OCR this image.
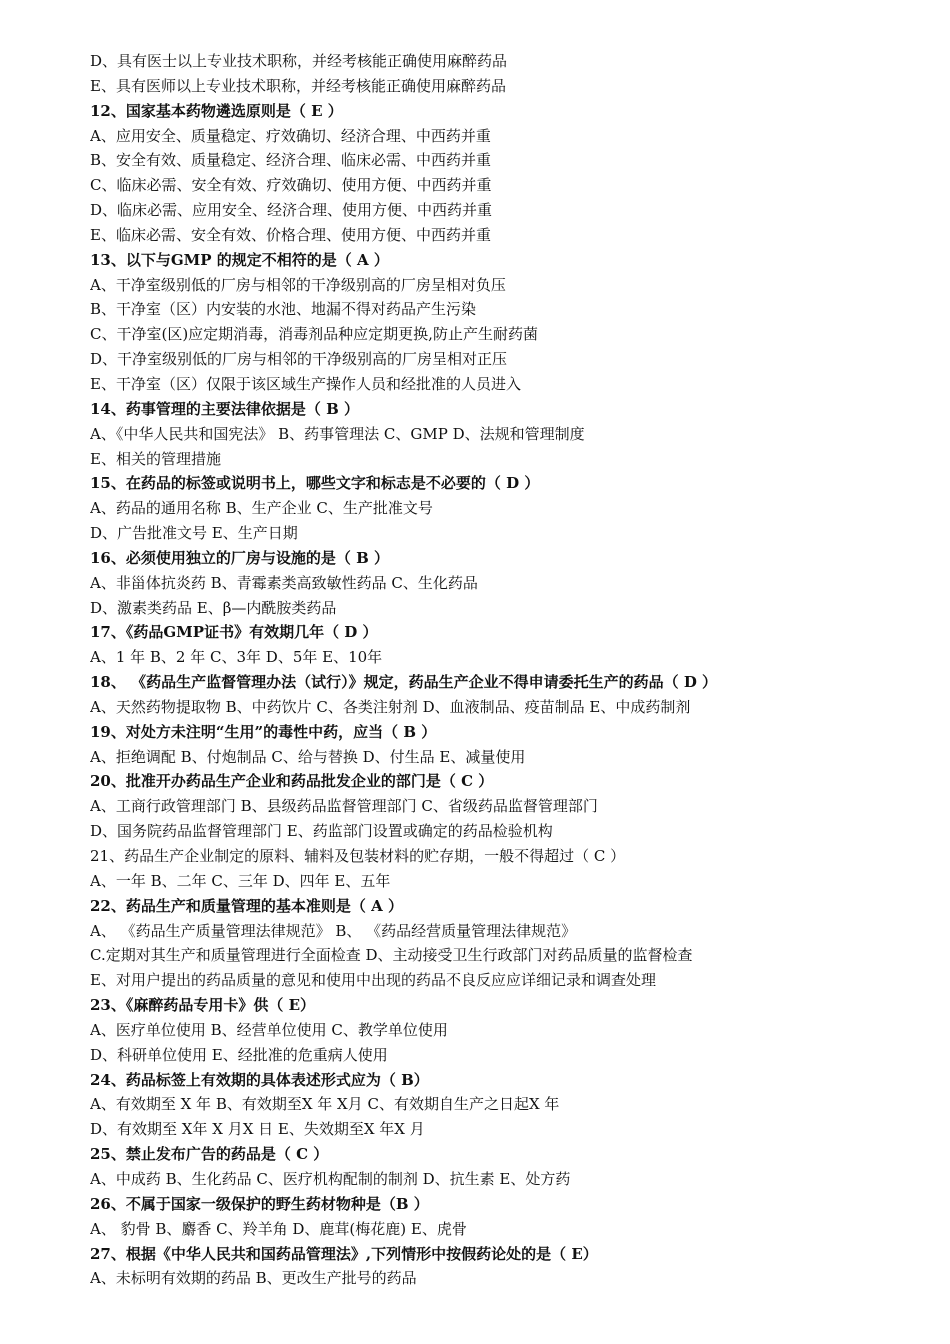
D、具有医士以上专业技术职称，并经考核能正确使用麻醉药品
E、具有医师以上专业技术职称，并经考核能正确使用麻醉药品
12、国家基本药物遴选原则是（ E ）
A、应用安全、质量稳定、疗效确切、经济合理、中西药并重
B、安全有效、质量稳定、经济合理、临床必需、中西药并重
C、临床必需、安全有效、疗效确切、使用方便、中西药并重
D、临床必需、应用安全、经济合理、使用方便、中西药并重
E、临床必需、安全有效、价格合理、使用方便、中西药并重
13、以下与GMP 的规定不相符的是（ A ）
A、干净室级别低的厂房与相邻的干净级别高的厂房呈相对负压
B、干净室（区）内安装的水池、地漏不得对药品产生污染
C、干净室(区)应定期消毒，消毒剂品种应定期更换,防止产生耐药菌
D、干净室级别低的厂房与相邻的干净级别高的厂房呈相对正压
E、干净室（区）仅限于该区域生产操作人员和经批准的人员进入
14、药事管理的主要法律依据是（ B ）
A、《中华人民共和国宪法》 B、药事管理法 C、GMP D、法规和管理制度
E、相关的管理措施
15、在药品的标签或说明书上，哪些文字和标志是不必要的（ D ）
A、药品的通用名称 B、生产企业 C、生产批准文号
D、广告批准文号 E、生产日期
16、必须使用独立的厂房与设施的是（ B ）
A、非甾体抗炎药 B、青霉素类高致敏性药品 C、生化药品
D、激素类药品 E、β—内酰胺类药品
17、《药品GMP证书》有效期几年（ D ）
A、1 年 B、2 年 C、3年 D、5年 E、10年
18、 《药品生产监督管理办法（试行）》规定，药品生产企业不得申请委托生产的药品（ D ）
A、天然药物提取物 B、中药饮片 C、各类注射剂 D、血液制品、疫苗制品 E、中成药制剂
19、对处方未注明“生用”的毒性中药，应当（ B ）
A、拒绝调配 B、付炮制品 C、给与替换 D、付生品 E、减量使用
20、批准开办药品生产企业和药品批发企业的部门是（ C ）
A、工商行政管理部门 B、县级药品监督管理部门 C、省级药品监督管理部门
D、国务院药品监督管理部门 E、药监部门设置或确定的药品检验机构
21、药品生产企业制定的原料、辅料及包装材料的贮存期，一般不得超过（ C ）
A、一年 B、二年 C、三年 D、四年 E、五年
22、药品生产和质量管理的基本准则是（ A ）
A、 《药品生产质量管理法律规范》 B、 《药品经营质量管理法律规范》
C.定期对其生产和质量管理进行全面检查 D、主动接受卫生行政部门对药品质量的监督检查
E、对用户提出的药品质量的意见和使用中出现的药品不良反应应详细记录和调查处理
23、《麻醉药品专用卡》供（ E）
A、医疗单位使用 B、经营单位使用 C、教学单位使用
D、科研单位使用 E、经批准的危重病人使用
24、药品标签上有效期的具体表述形式应为（ B）
A、有效期至 X 年 B、有效期至X 年 X月 C、有效期自生产之日起X 年
D、有效期至 X年 X 月X 日 E、失效期至X 年X 月
25、禁止发布广告的药品是（ C ）
A、中成药 B、生化药品 C、医疗机构配制的制剂 D、抗生素 E、处方药
26、不属于国家一级保护的野生药材物种是（B ）
A、 豹骨 B、麝香 C、羚羊角 D、鹿茸(梅花鹿) E、虎骨
27、根据《中华人民共和国药品管理法》,下列情形中按假药论处的是（ E）
A、未标明有效期的药品 B、更改生产批号的药品
